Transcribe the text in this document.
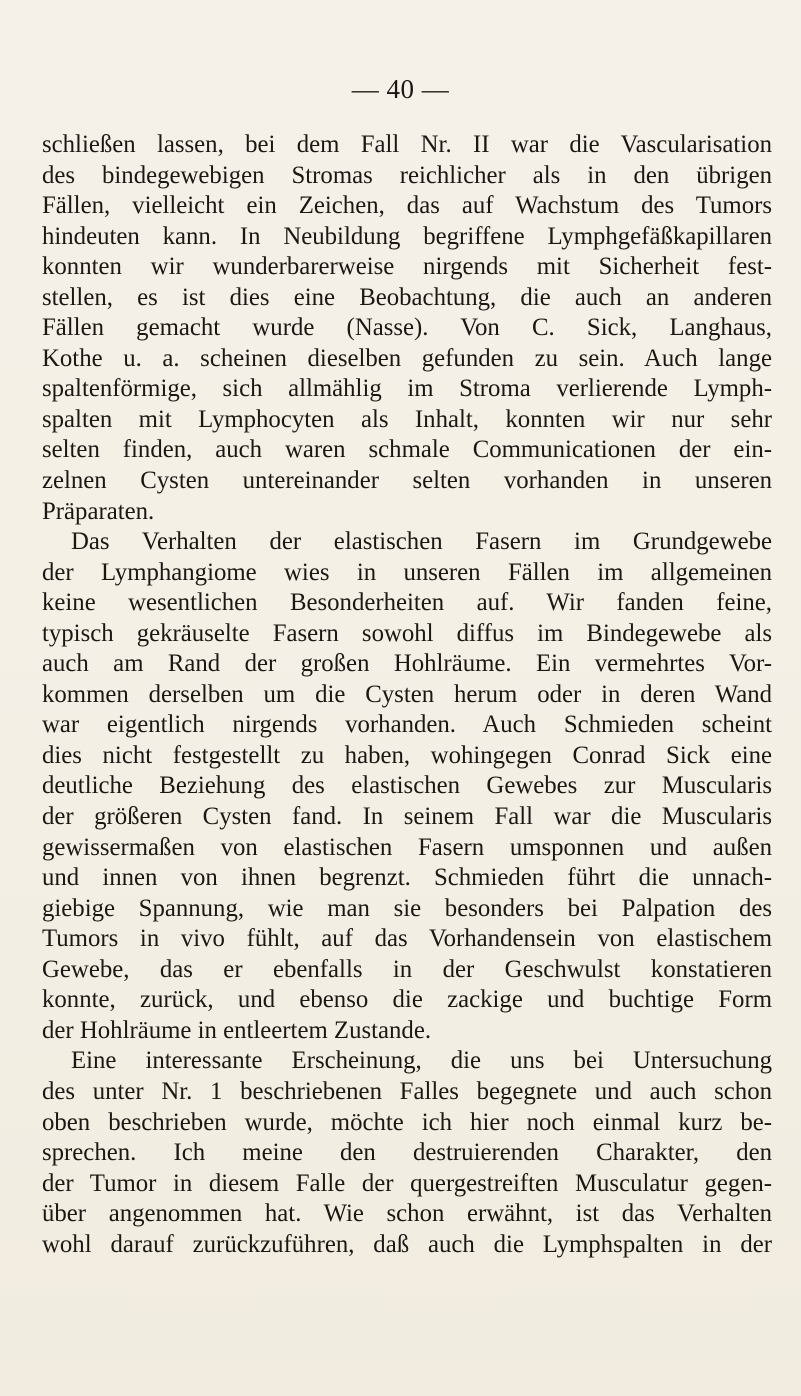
— 40 —
schließen lassen, bei dem Fall Nr. II war die Vascularisation
des bindegewebigen Stromas reichlicher als in den übrigen
Fällen, vielleicht ein Zeichen, das auf Wachstum des Tumors
hindeuten kann. In Neubildung begriffene Lymphgefäßkapillaren
konnten wir wunderbarerweise nirgends mit Sicherheit fest-
stellen, es ist dies eine Beobachtung, die auch an anderen
Fällen gemacht wurde (Nasse). Von C. Sick, Langhaus,
Kothe u. a. scheinen dieselben gefunden zu sein. Auch lange
spaltenförmige, sich allmählig im Stroma verlierende Lymph-
spalten mit Lymphocyten als Inhalt, konnten wir nur sehr
selten finden, auch waren schmale Communicationen der ein-
zelnen Cysten untereinander selten vorhanden in unseren
Präparaten.
Das Verhalten der elastischen Fasern im Grundgewebe
der Lymphangiome wies in unseren Fällen im allgemeinen
keine wesentlichen Besonderheiten auf. Wir fanden feine,
typisch gekräuselte Fasern sowohl diffus im Bindegewebe als
auch am Rand der großen Hohlräume. Ein vermehrtes Vor-
kommen derselben um die Cysten herum oder in deren Wand
war eigentlich nirgends vorhanden. Auch Schmieden scheint
dies nicht festgestellt zu haben, wohingegen Conrad Sick eine
deutliche Beziehung des elastischen Gewebes zur Muscularis
der größeren Cysten fand. In seinem Fall war die Muscularis
gewissermaßen von elastischen Fasern umsponnen und außen
und innen von ihnen begrenzt. Schmieden führt die unnach-
giebige Spannung, wie man sie besonders bei Palpation des
Tumors in vivo fühlt, auf das Vorhandensein von elastischem
Gewebe, das er ebenfalls in der Geschwulst konstatieren
konnte, zurück, und ebenso die zackige und buchtige Form
der Hohlräume in entleertem Zustande.
Eine interessante Erscheinung, die uns bei Untersuchung
des unter Nr. 1 beschriebenen Falles begegnete und auch schon
oben beschrieben wurde, möchte ich hier noch einmal kurz be-
sprechen. Ich meine den destruierenden Charakter, den
der Tumor in diesem Falle der quergestreiften Musculatur gegen-
über angenommen hat. Wie schon erwähnt, ist das Verhalten
wohl darauf zurückzuführen, daß auch die Lymphspalten in der
